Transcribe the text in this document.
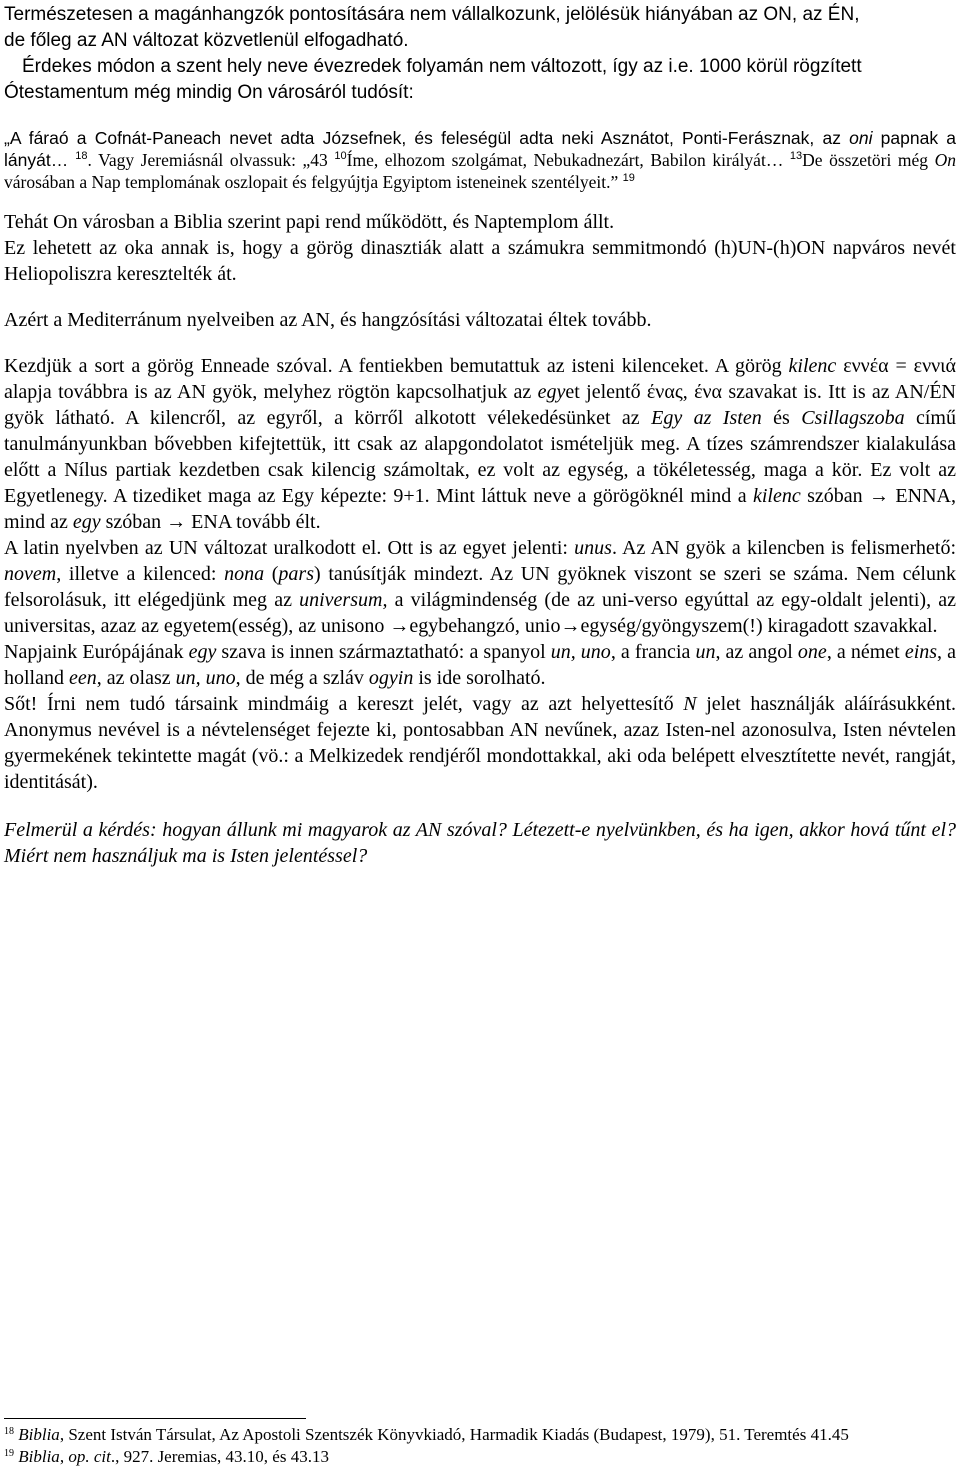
Természetesen a magánhangzók pontosítására nem vállalkozunk, jelölésük hiányában az ON, az ÉN,
de főleg az AN változat közvetlenül elfogadható.
Érdekes módon a szent hely neve évezredek folyamán nem változott, így az i.e. 1000 körül rögzített
Ótestamentum még mindig On városáról tudósít:

„A fáraó a Cofnát-Paneach nevet adta Józsefnek, és feleségül adta neki Asznátot, Ponti-Ferásznak, az oni papnak a lányát… $^{18}$. Vagy Jeremiásnál olvassuk: „43 $^{10}$Íme, elhozom szolgámat, Nebukadnezárt, Babilon királyát… $^{13}$De összetöri még On városában a Nap templomának oszlopait és felgyújtja Egyiptom isteneinek szentélyeit.” $^{19}$

Tehát On városban a Biblia szerint papi rend működött, és Naptemplom állt.

Ez lehetett az oka annak is, hogy a görög dinasztiák alatt a számukra semmitmondó (h)UN-(h)ON napváros nevét Heliopoliszra keresztelték át.

Azért a Mediterránum nyelveiben az AN, és hangzósítási változatai éltek tovább.

Kezdjük a sort a görög Enneade szóval. A fentiekben bemutattuk az isteni kilenceket. A görög kilenc εννέα = εννιά alapja továbbra is az AN gyök, melyhez rögtön kapcsolhatjuk az egyet jelentő ένας, ένα szavakat is. Itt is az AN/ÉN gyök látható. A kilencről, az egyről, a körről alkotott vélekedésünket az Egy az Isten és Csillagszoba című tanulmányunkban bővebben kifejtettük, itt csak az alapgondolatot ismételjük meg. A tízes számrendszer kialakulása előtt a Nílus partiak kezdetben csak kilencig számoltak, ez volt az egység, a tökéletesség, maga a kör. Ez volt az Egyetlenegy. A tizediket maga az Egy képezte: 9+1. Mint láttuk neve a görögöknél mind a kilenc szóban → ENNA, mind az egy szóban → ENA tovább élt.

A latin nyelvben az UN változat uralkodott el. Ott is az egyet jelenti: unus. Az AN gyök a kilencben is felismerhető: novem, illetve a kilenced: nona (pars) tanúsítják mindezt. Az UN gyöknek viszont se szeri se száma. Nem célunk felsorolásuk, itt elégedjünk meg az universum, a világmindenség (de az uni-verso egyúttal az egy-oldalt jelenti), az universitas, azaz az egyetem(esség), az unisono →egybehangzó, unio→egység/gyöngyszem(!) kiragadott szavakkal.

Napjaink Európájának egy szava is innen származtatható: a spanyol un, uno, a francia un, az angol one, a német eins, a holland een, az olasz un, uno, de még a szláv ogyin is ide sorolható.

Sőt! Írni nem tudó társaink mindmáig a kereszt jelét, vagy az azt helyettesítő N jelet használják aláírásukként. Anonymus nevével is a névtelenséget fejezte ki, pontosabban AN nevűnek, azaz Isten-nel azonosulva, Isten névtelen gyermekének tekintette magát (vö.: a Melkizedek rendjéről mondottakkal, aki oda belépett elvesztítette nevét, rangját, identitását).

Felmerül a kérdés: hogyan állunk mi magyarok az AN szóval? Létezett-e nyelvünkben, és ha igen, akkor hová tűnt el? Miért nem használjuk ma is Isten jelentéssel?

$^{18}$ Biblia, Szent István Társulat, Az Apostoli Szentszék Könyvkiadó, Harmadik Kiadás (Budapest, 1979), 51. Teremtés 41.45
$^{19}$ Biblia, op. cit., 927. Jeremias, 43.10, és 43.13
